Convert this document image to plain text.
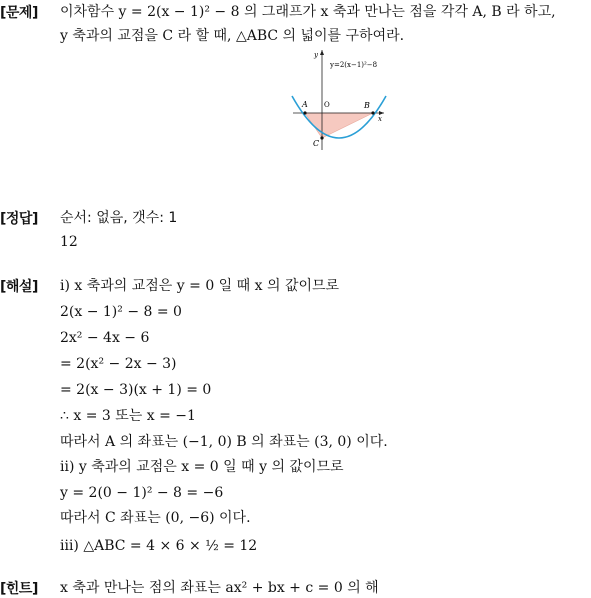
[문제] 이차함수 y = 2(x − 1)² − 8 의 그래프가 x 축과 만나는 점을 각각 A, B 라 하고,
y 축과의 교점을 C 라 할 때, △ABC 의 넓이를 구하여라.
y
y=2(x−1)²−8
A O	B
x
C
[정답] 순서: 없음, 갯수: 1
12
[해설] ⅰ) x 축과의 교점은 y = 0 일 때 x 의 값이므로
2(x − 1)² − 8 = 0
2x² − 4x − 6
= 2(x² − 2x − 3)
= 2(x − 3)(x + 1) = 0
∴ x = 3 또는 x = −1
따라서 A 의 좌표는 (−1, 0) B 의 좌표는 (3, 0) 이다.
ⅱ) y 축과의 교점은 x = 0 일 때 y 의 값이므로
y = 2(0 − 1)² − 8 = −6
따라서 C 좌표는 (0, −6) 이다.
ⅲ) △ABC = 4 × 6 × ½ = 12
[힌트] x 축과 만나는 점의 좌표는 ax² + bx + c = 0 의 해
